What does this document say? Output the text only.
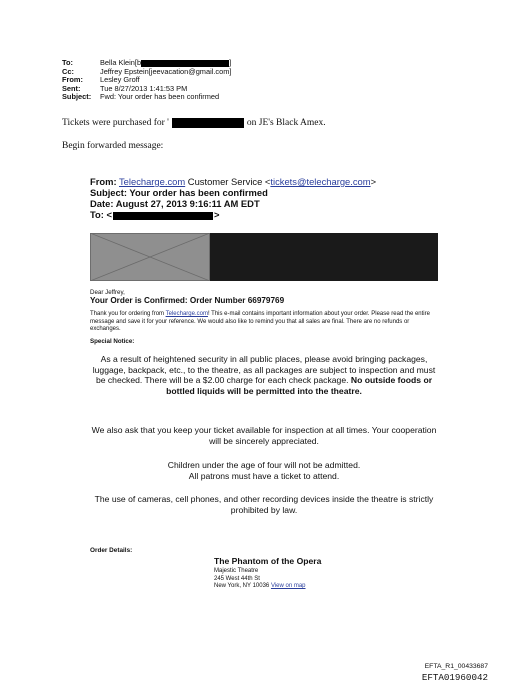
To:	Bella Klein[b	]
Cc:	Jeffrey Epstein[jeevacation@gmail.com]
From:	Lesley Groff
Sent:	Tue 8/27/2013 1:41:53 PM
Subject:	Fwd: Your order has been confirmed
Tickets were purchased for '	on JE's Black Amex.
Begin forwarded message:
From: Telecharge.com Customer Service <tickets@telecharge.com>
Subject: Your order has been confirmed
Date: August 27, 2013 9:16:11 AM EDT
To: <	>
Dear Jeffrey,
Your Order is Confirmed: Order Number 66979769
Thank you for ordering from Telecharge.com! This e-mail contains important information about your order. Please read the entire message and save it for your reference. We would also like to remind you that all sales are final. There are no refunds or exchanges.
Special Notice:
As a result of heightened security in all public places, please avoid bringing packages, luggage, backpack, etc., to the theatre, as all packages are subject to inspection and must be checked. There will be a $2.00 charge for each check package. No outside foods or bottled liquids will be permitted into the theatre.
We also ask that you keep your ticket available for inspection at all times. Your cooperation will be sincerely appreciated.
Children under the age of four will not be admitted.
All patrons must have a ticket to attend.
The use of cameras, cell phones, and other recording devices inside the theatre is strictly prohibited by law.
Order Details:
The Phantom of the Opera
Majestic Theatre
245 West 44th St
New York, NY 10036 View on map
EFTA_R1_00433687
EFTA01960042
